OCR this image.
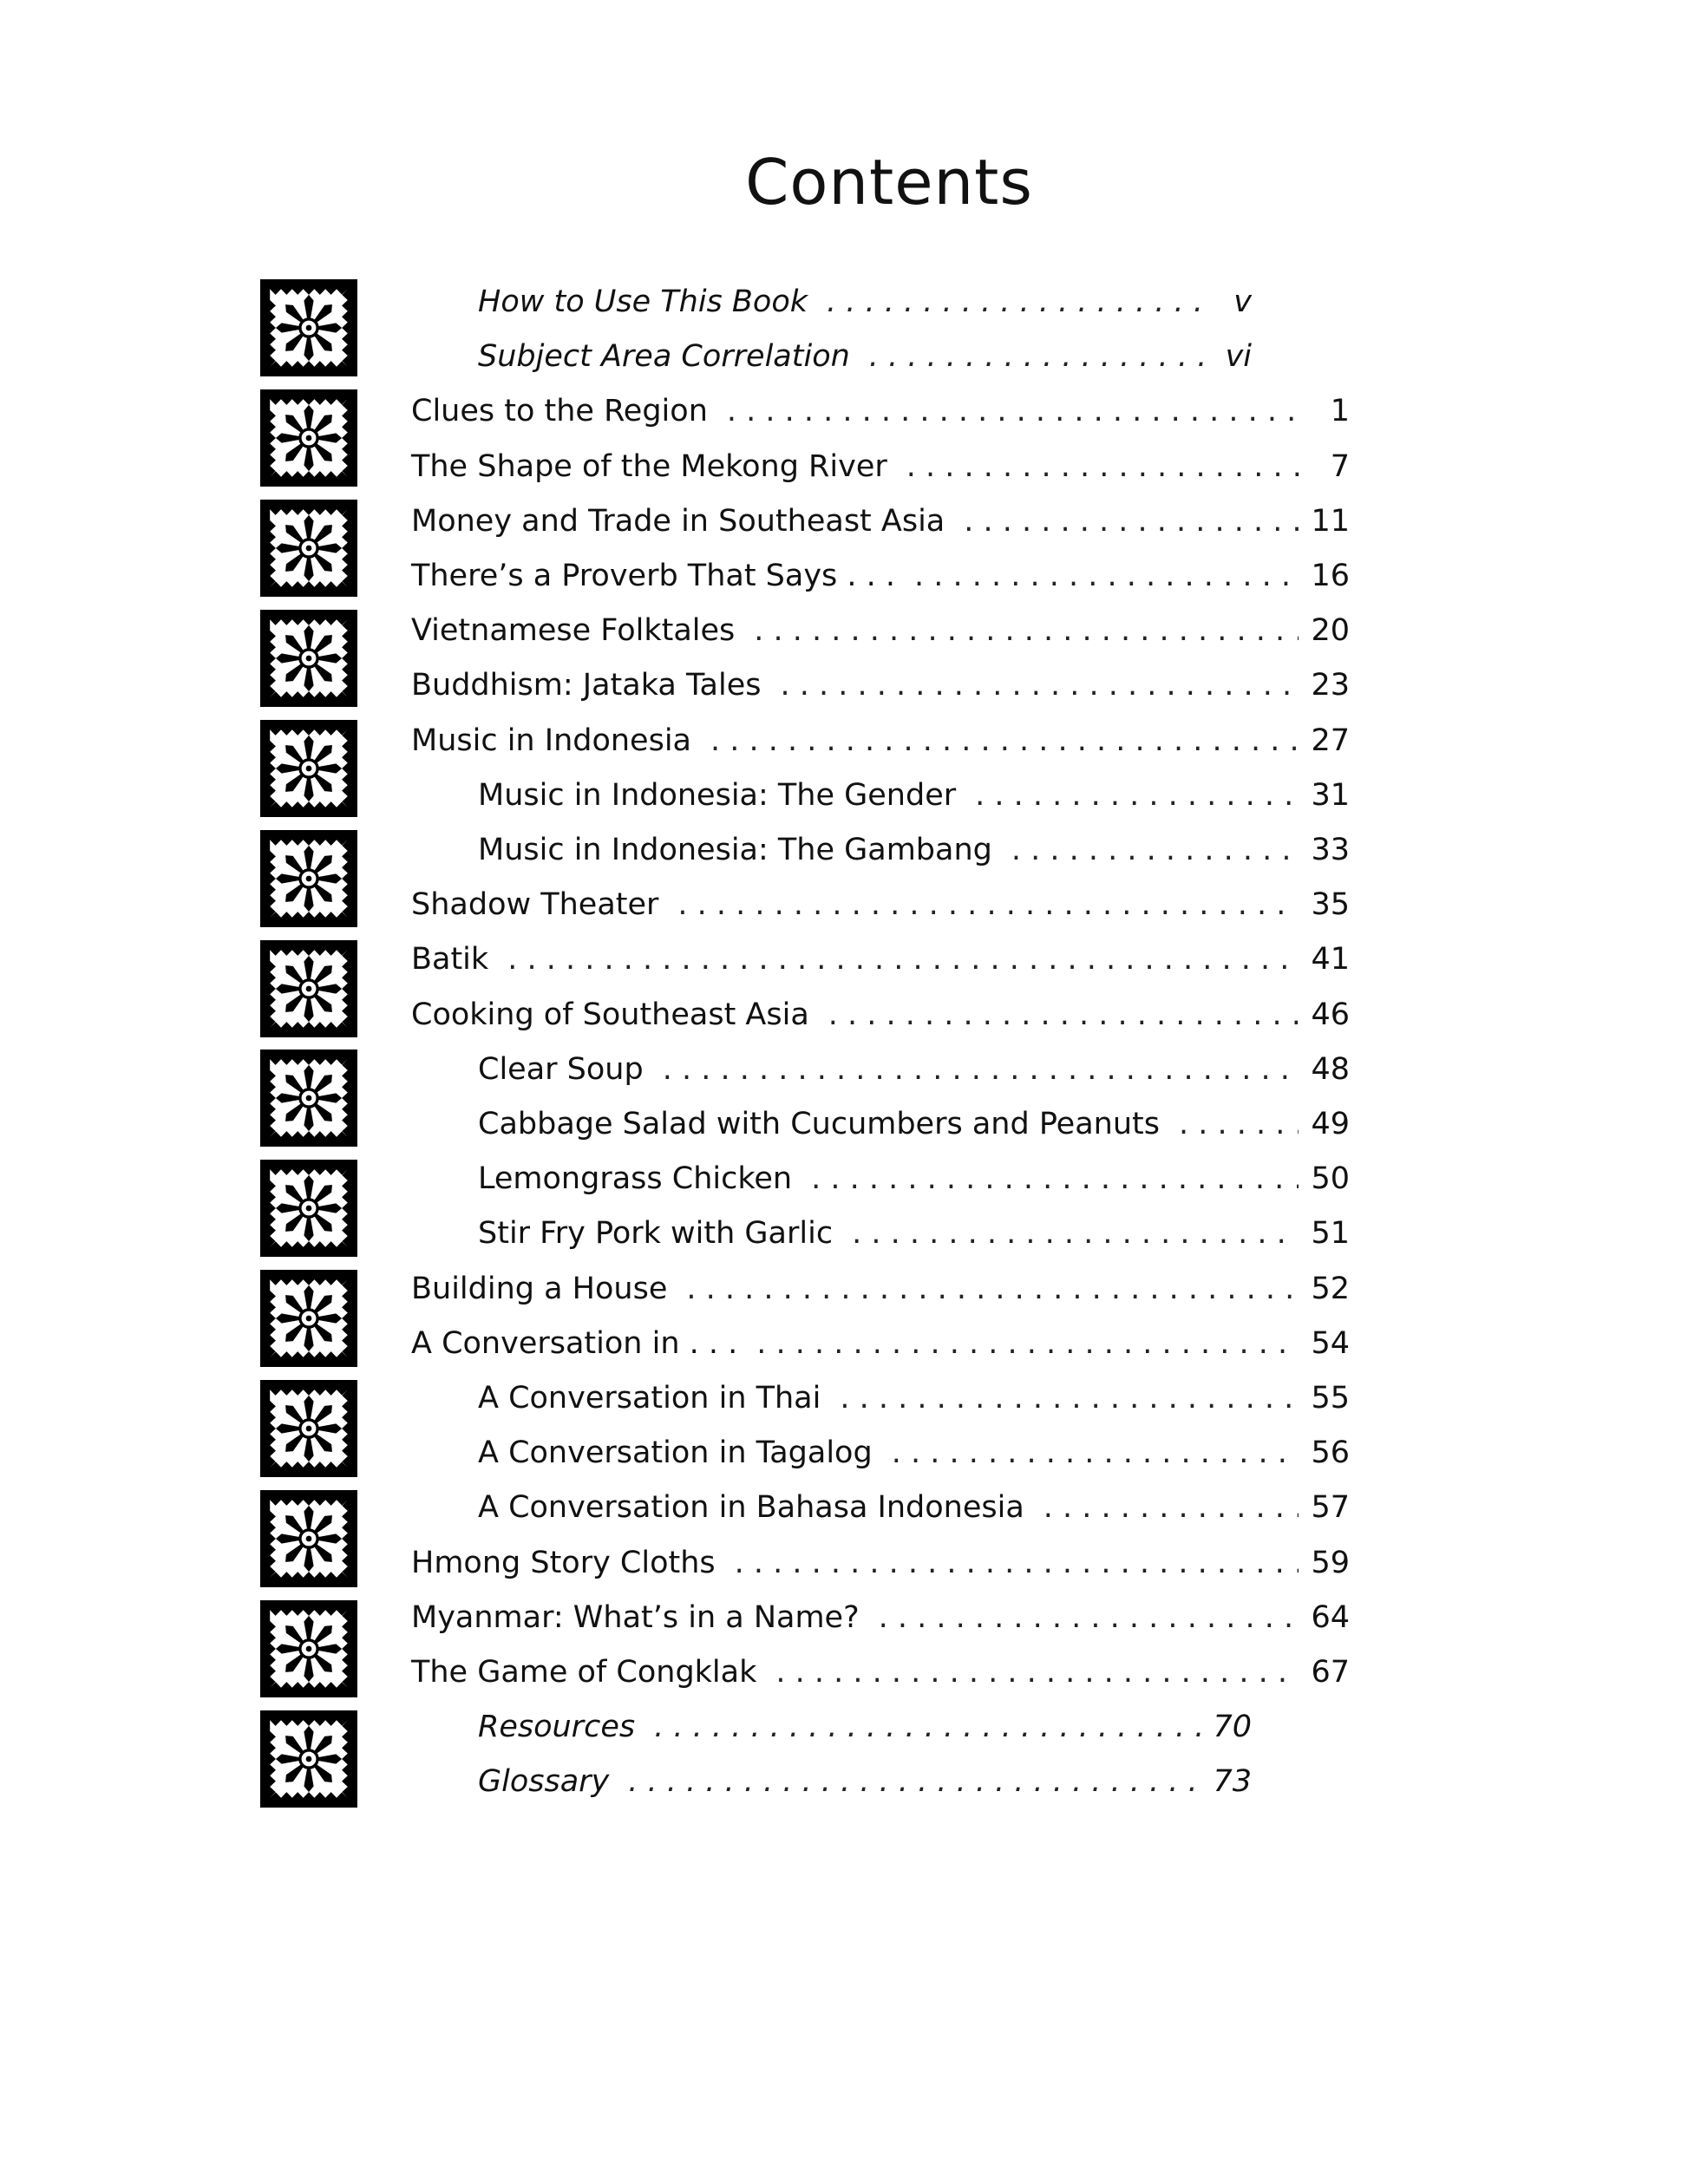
Contents
How to Use This Book . . .	v
Subject Area Correlation . . .	vi
Clues to the Region . . .	1
The Shape of the Mekong River . . .	7
Money and Trade in Southeast Asia . . .	11
There’s a Proverb That Says . . . . . .	16
Vietnamese Folktales . . .	20
Buddhism: Jataka Tales . . .	23
Music in Indonesia . . .	27
Music in Indonesia: The Gender . . .	31
Music in Indonesia: The Gambang . . .	33
Shadow Theater . . .	35
Batik . . .	41
Cooking of Southeast Asia . . .	46
Clear Soup . . .	48
Cabbage Salad with Cucumbers and Peanuts . . .	49
Lemongrass Chicken . . .	50
Stir Fry Pork with Garlic . . .	51
Building a House . . .	52
A Conversation in . . . . . .	54
A Conversation in Thai . . .	55
A Conversation in Tagalog . . .	56
A Conversation in Bahasa Indonesia . . .	57
Hmong Story Cloths . . .	59
Myanmar: What’s in a Name? . . .	64
The Game of Congklak . . .	67
Resources . . .	70
Glossary . . .	73
